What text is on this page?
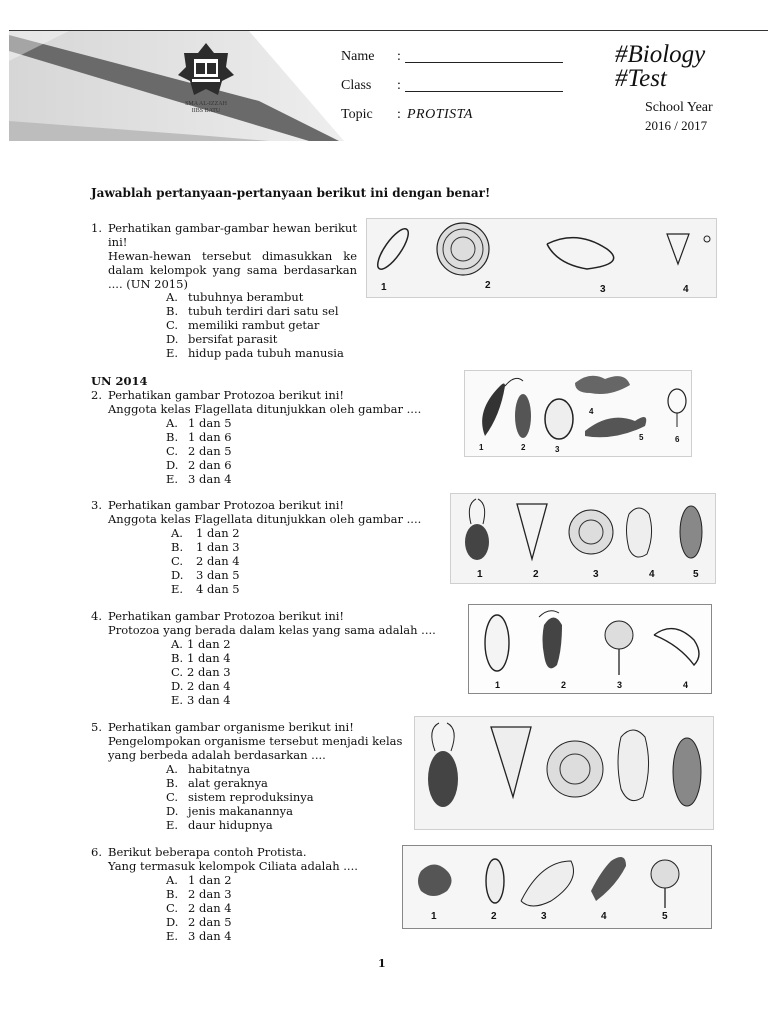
SMA AL-IZZAH
IIBS BATU
Name :
Class :
Topic : PROTISTA
#Biology
#Test
School Year
2016 / 2017
Jawablah pertanyaan-pertanyaan berikut ini dengan benar!
1. Perhatikan gambar-gambar hewan berikut
ini!
Hewan-hewan tersebut dimasukkan ke
dalam kelompok yang sama berdasarkan
.... (UN 2015)
A. tubuhnya berambut
B. tubuh terdiri dari satu sel
C. memiliki rambut getar
D. bersifat parasit
E. hidup pada tubuh manusia
1	2	3	4
UN 2014
2. Perhatikan gambar Protozoa berikut ini!
Anggota kelas Flagellata ditunjukkan oleh gambar ....
A. 1 dan 5
B. 1 dan 6
C. 2 dan 5
D. 2 dan 6
E. 3 dan 4
1	2	3
4
5	6
3. Perhatikan gambar Protozoa berikut ini!
Anggota kelas Flagellata ditunjukkan oleh gambar ....
A. 1 dan 2
B. 1 dan 3
C. 2 dan 4
D. 3 dan 5
E. 4 dan 5
1	2	3	4	5
4. Perhatikan gambar Protozoa berikut ini!
Protozoa yang berada dalam kelas yang sama adalah ....
A. 1 dan 2
B. 1 dan 4
C. 2 dan 3
D. 2 dan 4
E. 3 dan 4
1	2	3	4
5. Perhatikan gambar organisme berikut ini!
Pengelompokan organisme tersebut menjadi kelas
yang berbeda adalah berdasarkan ....
A. habitatnya
B. alat geraknya
C. sistem reproduksinya
D. jenis makanannya
E. daur hidupnya
6. Berikut beberapa contoh Protista.
Yang termasuk kelompok Ciliata adalah ....
A. 1 dan 2
B. 2 dan 3
C. 2 dan 4
D. 2 dan 5
E. 3 dan 4
1	2	3	4	5
1
